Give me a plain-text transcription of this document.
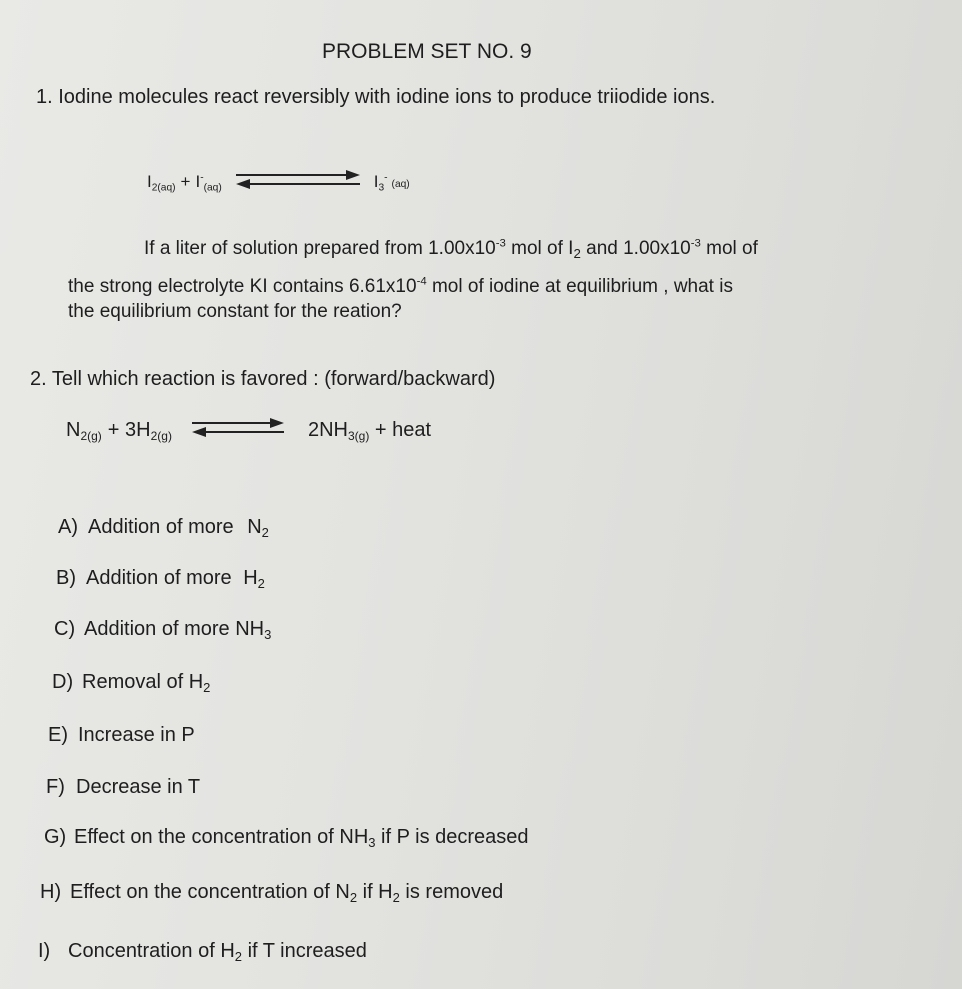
PROBLEM SET NO. 9
1. Iodine molecules react reversibly with iodine ions to produce triiodide ions.
$I_{2(aq)} + I^-_{(aq)}$	$I_3^-(aq)$
If a liter of solution prepared from $1.00x10^{-3}$ mol of $I_2$ and $1.00x10^{-3}$ mol of
the strong electrolyte KI contains $6.61x10^{-4}$ mol of iodine at equilibrium , what is
the equilibrium constant for the reation?
2. Tell which reaction is favored : (forward/backward)
$N_{2(g)} + 3H_{2(g)}$	$2NH_{3(g)}$ + heat
A) Addition of more $N_2$
B) Addition of more $H_2$
C) Addition of more $NH_3$
D) Removal of $H_2$
E) Increase in P
F) Decrease in T
G) Effect on the concentration of $NH_3$ if P is decreased
H) Effect on the concentration of $N_2$ if $H_2$ is removed
I) Concentration of $H_2$ if T increased
